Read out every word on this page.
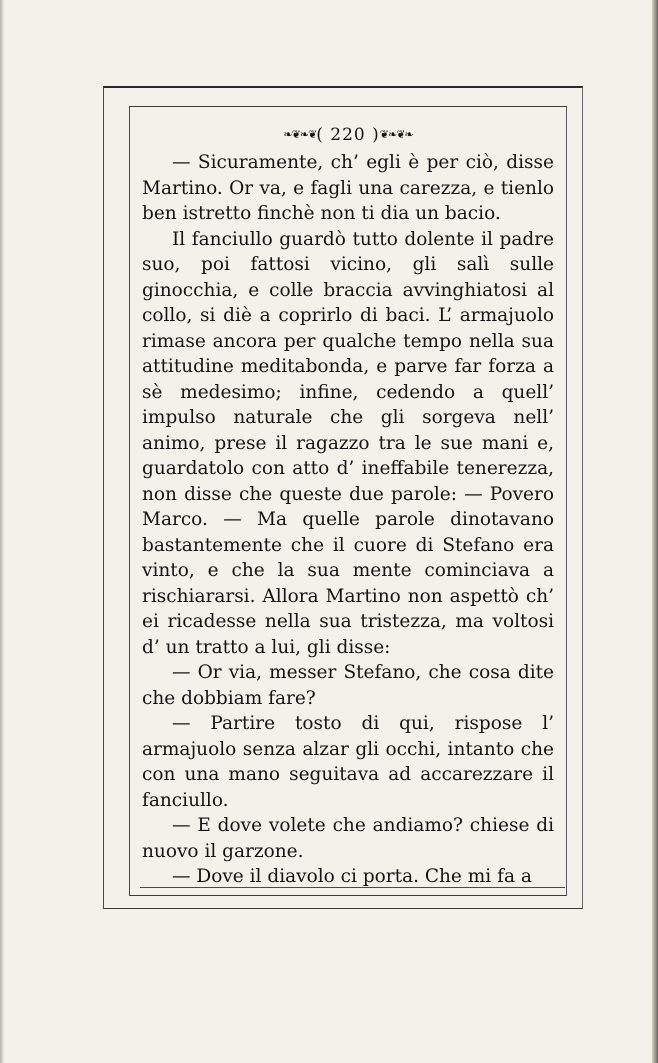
❧❦❧❦( 220 )❦❧❦❧

— Sicuramente, ch’ egli è per ciò, disse Martino. Or va, e fagli una carezza, e tienlo ben istretto finchè non ti dia un bacio.

Il fanciullo guardò tutto dolente il padre suo, poi fattosi vicino, gli salì sulle ginocchia, e colle braccia avvinghiatosi al collo, si diè a coprirlo di baci. L’ armajuolo rimase ancora per qualche tempo nella sua attitudine meditabonda, e parve far forza a sè medesimo; infine, cedendo a quell’ impulso naturale che gli sorgeva nell’ animo, prese il ragazzo tra le sue mani e, guardatolo con atto d’ ineffabile tenerezza, non disse che queste due parole: — Povero Marco. — Ma quelle parole dinotavano bastantemente che il cuore di Stefano era vinto, e che la sua mente cominciava a rischiararsi. Allora Martino non aspettò ch’ ei ricadesse nella sua tristezza, ma voltosi d’ un tratto a lui, gli disse:

— Or via, messer Stefano, che cosa dite che dobbiam fare?

— Partire tosto di qui, rispose l’ armajuolo senza alzar gli occhi, intanto che con una mano seguitava ad accarezzare il fanciullo.

— E dove volete che andiamo? chiese di nuovo il garzone.

— Dove il diavolo ci porta. Che mi fa a
